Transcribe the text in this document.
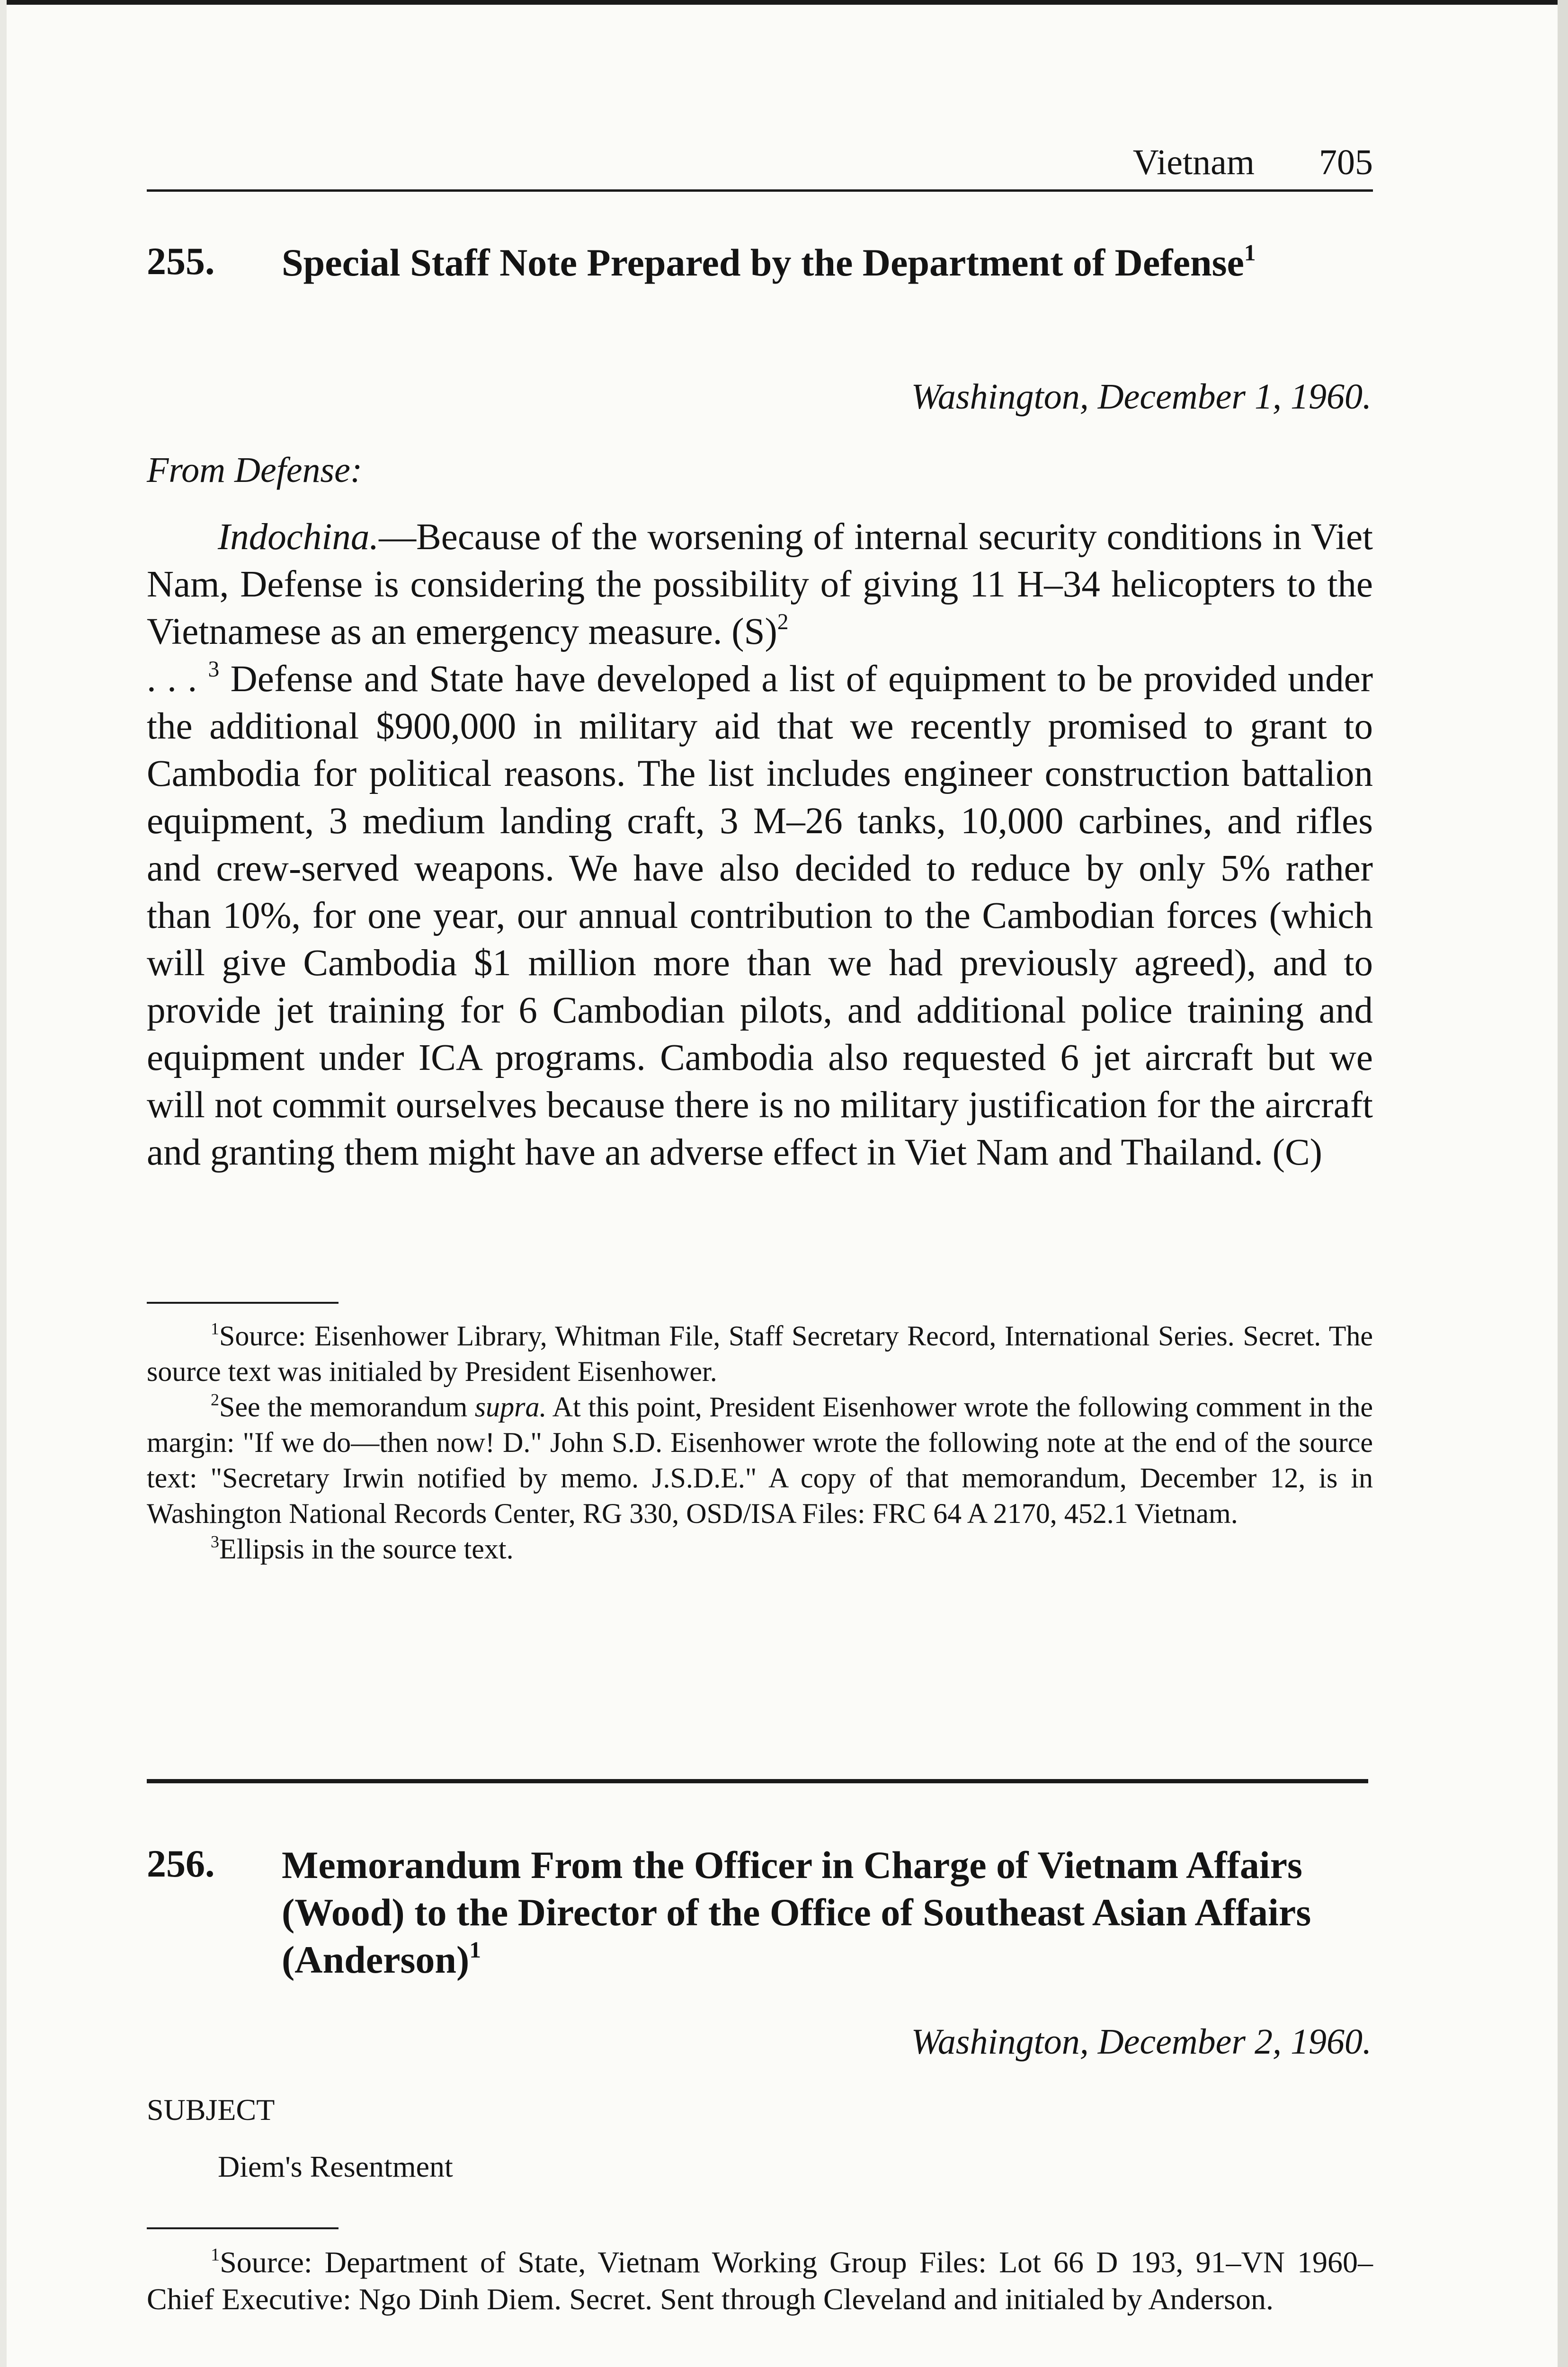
Vietnam 705
255. Special Staff Note Prepared by the Department of Defense$^1$
Washington, December 1, 1960.
From Defense:

Indochina.—Because of the worsening of internal security conditions in Viet Nam, Defense is considering the possibility of giving 11 H–34 helicopters to the Vietnamese as an emergency measure. $(S)^2$

. . . $^3$ Defense and State have developed a list of equipment to be provided under the additional $900,000 in military aid that we recently promised to grant to Cambodia for political reasons. The list includes engineer construction battalion equipment, 3 medium landing craft, 3 M–26 tanks, 10,000 carbines, and rifles and crew-served weapons. We have also decided to reduce by only 5% rather than 10%, for one year, our annual contribution to the Cambodian forces (which will give Cambodia $1 million more than we had previously agreed), and to provide jet training for 6 Cambodian pilots, and additional police training and equipment under ICA programs. Cambodia also requested 6 jet aircraft but we will not commit ourselves because there is no military justification for the aircraft and granting them might have an adverse effect in Viet Nam and Thailand. (C)

$^1$Source: Eisenhower Library, Whitman File, Staff Secretary Record, International Series. Secret. The source text was initialed by President Eisenhower.

$^2$See the memorandum supra. At this point, President Eisenhower wrote the following comment in the margin: "If we do—then now! D." John S.D. Eisenhower wrote the following note at the end of the source text: "Secretary Irwin notified by memo. J.S.D.E." A copy of that memorandum, December 12, is in Washington National Records Center, RG 330, OSD/ISA Files: FRC 64 A 2170, 452.1 Vietnam.

$^3$Ellipsis in the source text.

256. Memorandum From the Officer in Charge of Vietnam Affairs (Wood) to the Director of the Office of Southeast Asian Affairs (Anderson)$^1$
Washington, December 2, 1960.
SUBJECT
Diem's Resentment

$^1$Source: Department of State, Vietnam Working Group Files: Lot 66 D 193, 91–VN 1960–Chief Executive: Ngo Dinh Diem. Secret. Sent through Cleveland and initialed by Anderson.
